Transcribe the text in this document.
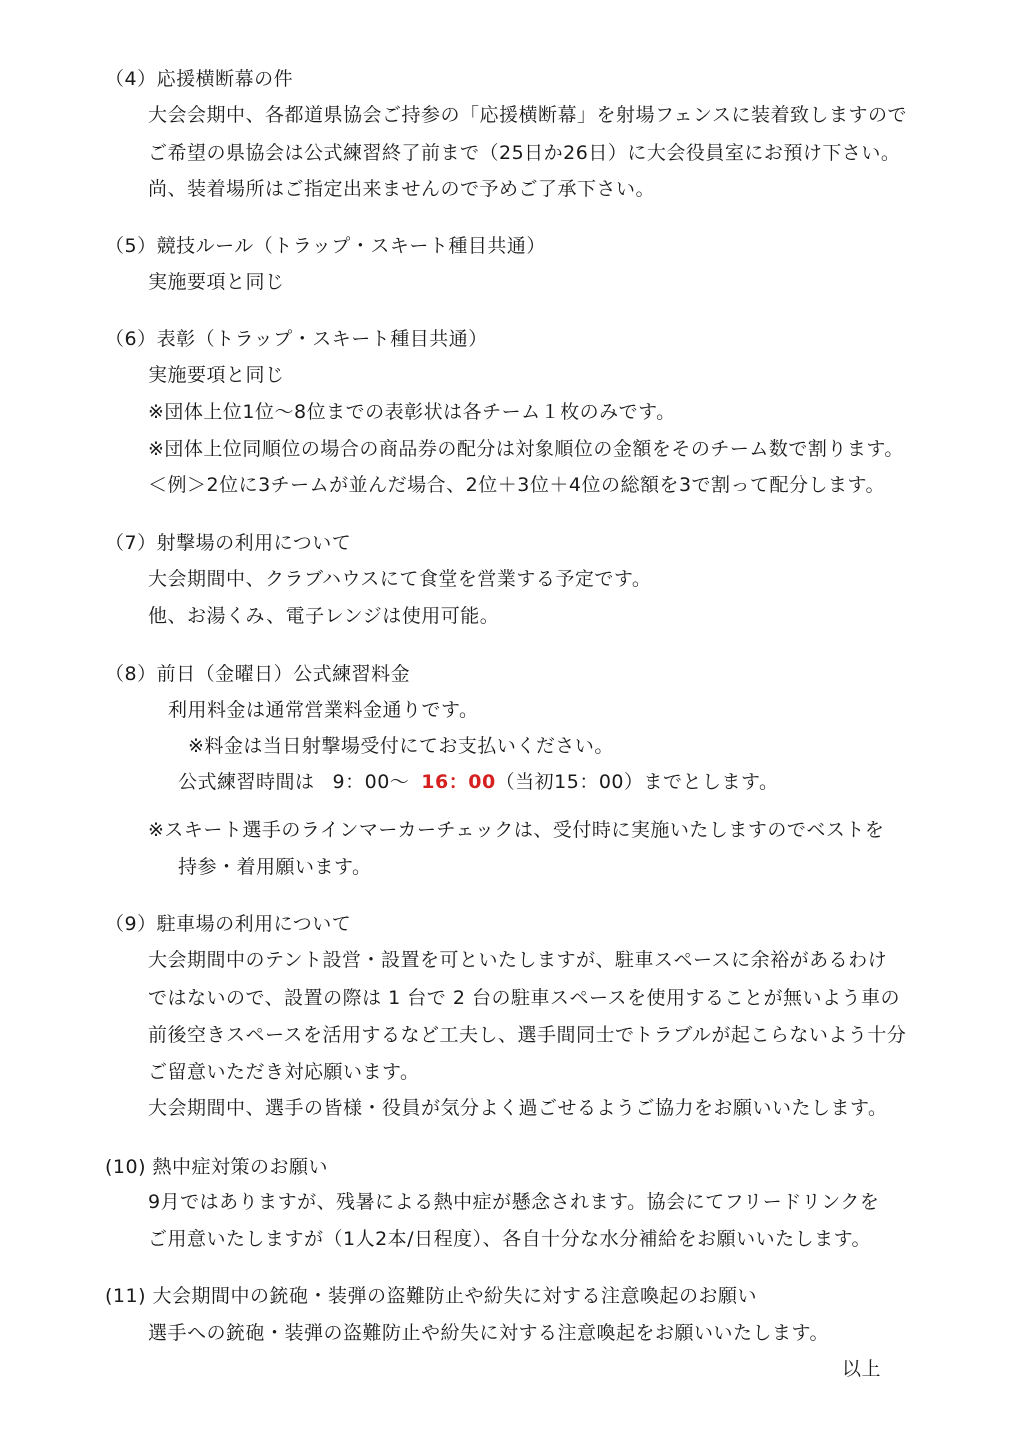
（4）応援横断幕の件
大会会期中、各都道県協会ご持参の「応援横断幕」を射場フェンスに装着致しますので
ご希望の県協会は公式練習終了前まで（25日か26日）に大会役員室にお預け下さい。
尚、装着場所はご指定出来ませんので予めご了承下さい。
（5）競技ルール（トラップ・スキート種目共通）
実施要項と同じ
（6）表彰（トラップ・スキート種目共通）
実施要項と同じ
※団体上位1位～8位までの表彰状は各チーム１枚のみです。
※団体上位同順位の場合の商品券の配分は対象順位の金額をそのチーム数で割ります。
＜例＞2位に3チームが並んだ場合、2位＋3位＋4位の総額を3で割って配分します。
（7）射撃場の利用について
大会期間中、クラブハウスにて食堂を営業する予定です。
他、お湯くみ、電子レンジは使用可能。
（8）前日（金曜日）公式練習料金
利用料金は通常営業料金通りです。
※料金は当日射撃場受付にてお支払いください。
公式練習時間は 9：00～ 16：00（当初15：00）までとします。
※スキート選手のラインマーカーチェックは、受付時に実施いたしますのでベストを
持参・着用願います。
（9）駐車場の利用について
大会期間中のテント設営・設置を可といたしますが、駐車スペースに余裕があるわけ
ではないので、設置の際は 1 台で 2 台の駐車スペースを使用することが無いよう車の
前後空きスペースを活用するなど工夫し、選手間同士でトラブルが起こらないよう十分
ご留意いただき対応願います。
大会期間中、選手の皆様・役員が気分よく過ごせるようご協力をお願いいたします。
(10) 熱中症対策のお願い
9月ではありますが、残暑による熱中症が懸念されます。協会にてフリードリンクを
ご用意いたしますが（1人2本/日程度）、各自十分な水分補給をお願いいたします。
(11) 大会期間中の銃砲・装弾の盗難防止や紛失に対する注意喚起のお願い
選手への銃砲・装弾の盗難防止や紛失に対する注意喚起をお願いいたします。
以上
